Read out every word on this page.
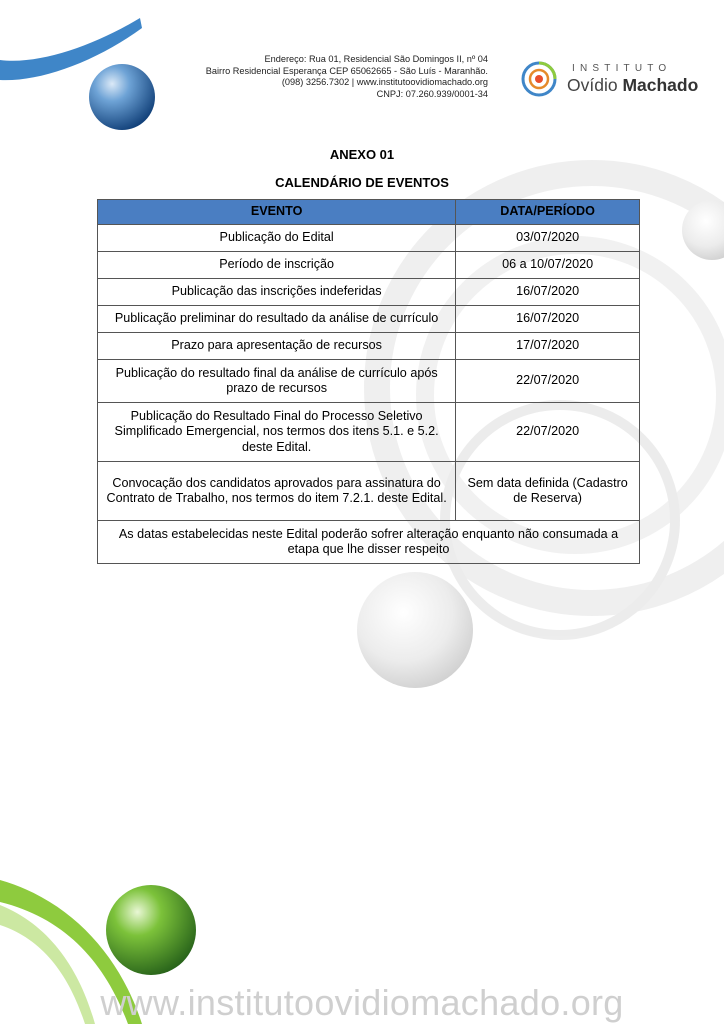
Endereço: Rua 01, Residencial São Domingos II, nº 04
Bairro Residencial Esperança CEP 65062665 - São Luís - Maranhão.
(098) 3256.7302 | www.institutoovidiomachado.org
CNPJ: 07.260.939/0001-34
INSTITUTO
Ovídio Machado
ANEXO 01
CALENDÁRIO DE EVENTOS
EVENTO	DATA/PERÍODO
Publicação do Edital	03/07/2020
Período de inscrição	06 a 10/07/2020
Publicação das inscrições indeferidas	16/07/2020
Publicação preliminar do resultado da análise de currículo	16/07/2020
Prazo para apresentação de recursos	17/07/2020
Publicação do resultado final da análise de currículo após prazo de recursos	22/07/2020
Publicação do Resultado Final do Processo Seletivo Simplificado Emergencial, nos termos dos itens 5.1. e 5.2. deste Edital.	22/07/2020
Convocação dos candidatos aprovados para assinatura do Contrato de Trabalho, nos termos do item 7.2.1. deste Edital.	Sem data definida (Cadastro de Reserva)
As datas estabelecidas neste Edital poderão sofrer alteração enquanto não consumada a etapa que lhe disser respeito	
www.institutoovidiomachado.org
